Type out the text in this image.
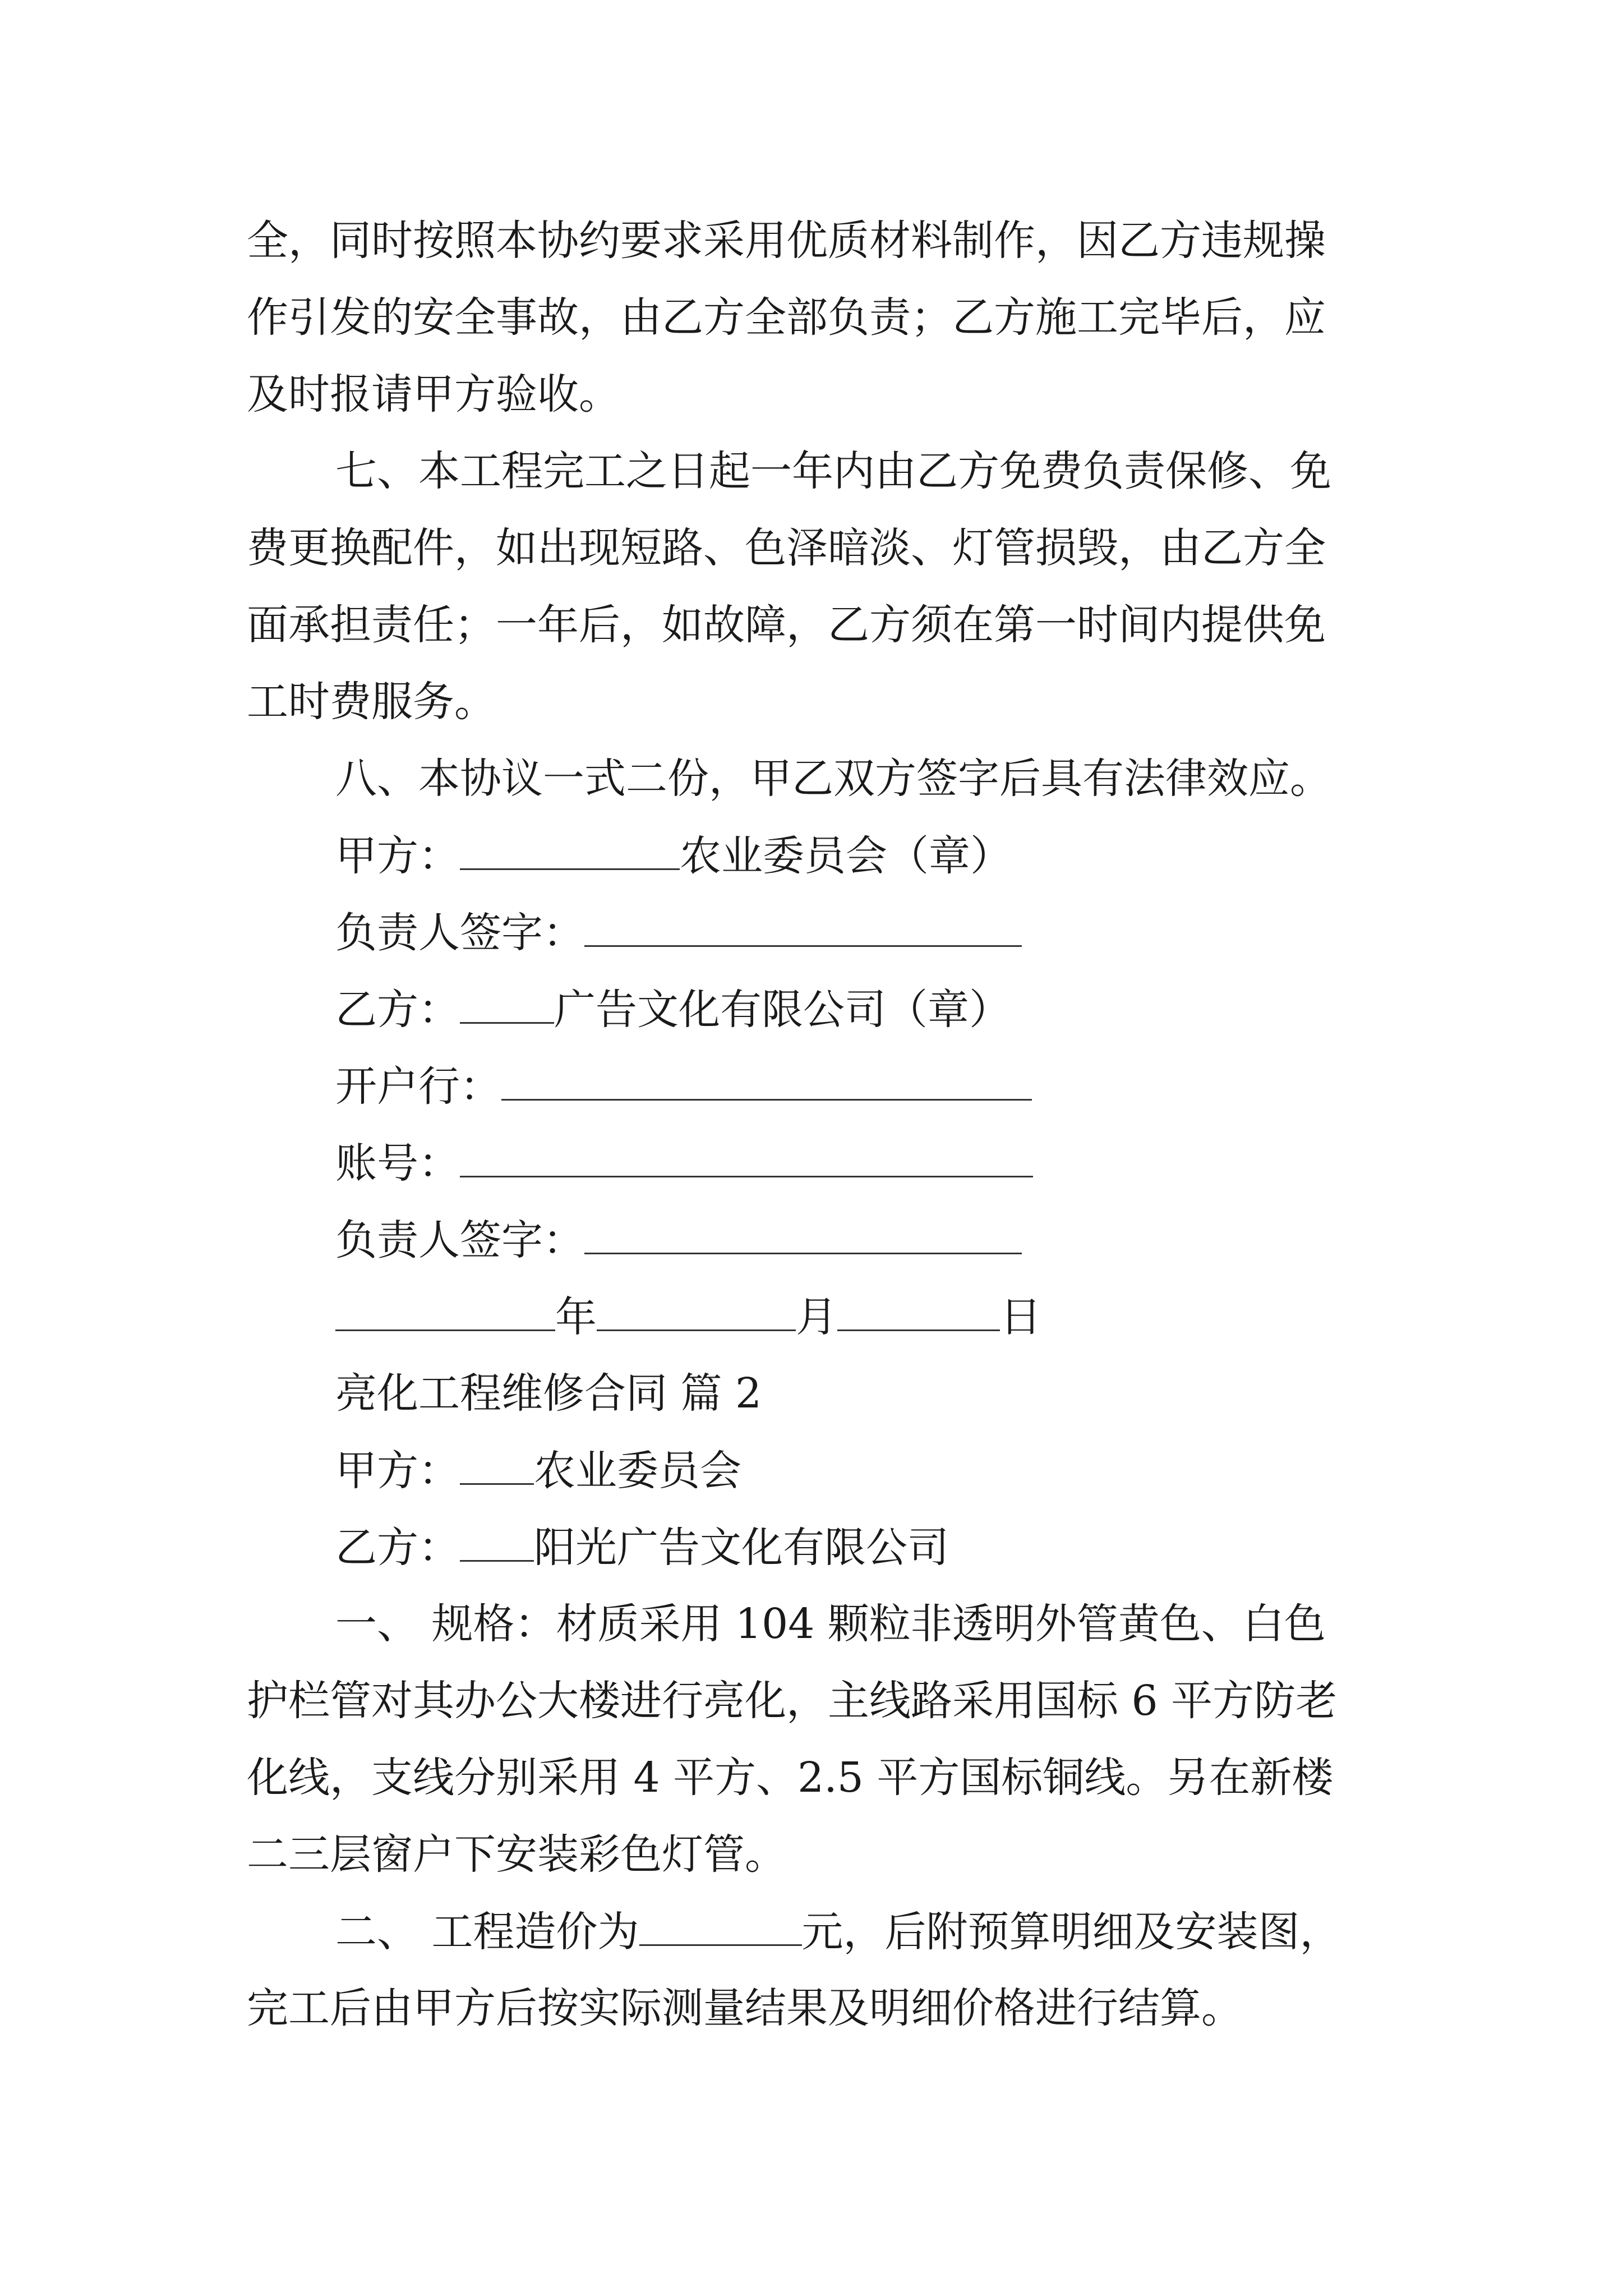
全，同时按照本协约要求采用优质材料制作，因乙方违规操
作引发的安全事故，由乙方全部负责；乙方施工完毕后，应
及时报请甲方验收。
七、本工程完工之日起一年内由乙方免费负责保修、免
费更换配件，如出现短路、色泽暗淡、灯管损毁，由乙方全
面承担责任；一年后，如故障，乙方须在第一时间内提供免
工时费服务。
八、本协议一式二份，甲乙双方签字后具有法律效应。
甲方：	农业委员会（章）
负责人签字：
乙方： 广告文化有限公司（章）
开户行：
账号：
负责人签字：
年	月	日
亮化工程维修合同 篇 2
甲方： 农业委员会
乙方： 阳光广告文化有限公司
一、 规格：材质采用 104 颗粒非透明外管黄色、白色
护栏管对其办公大楼进行亮化，主线路采用国标 6 平方防老
化线，支线分别采用 4 平方、2.5 平方国标铜线。另在新楼
二三层窗户下安装彩色灯管。
二、 工程造价为	元，后附预算明细及安装图，
完工后由甲方后按实际测量结果及明细价格进行结算。
